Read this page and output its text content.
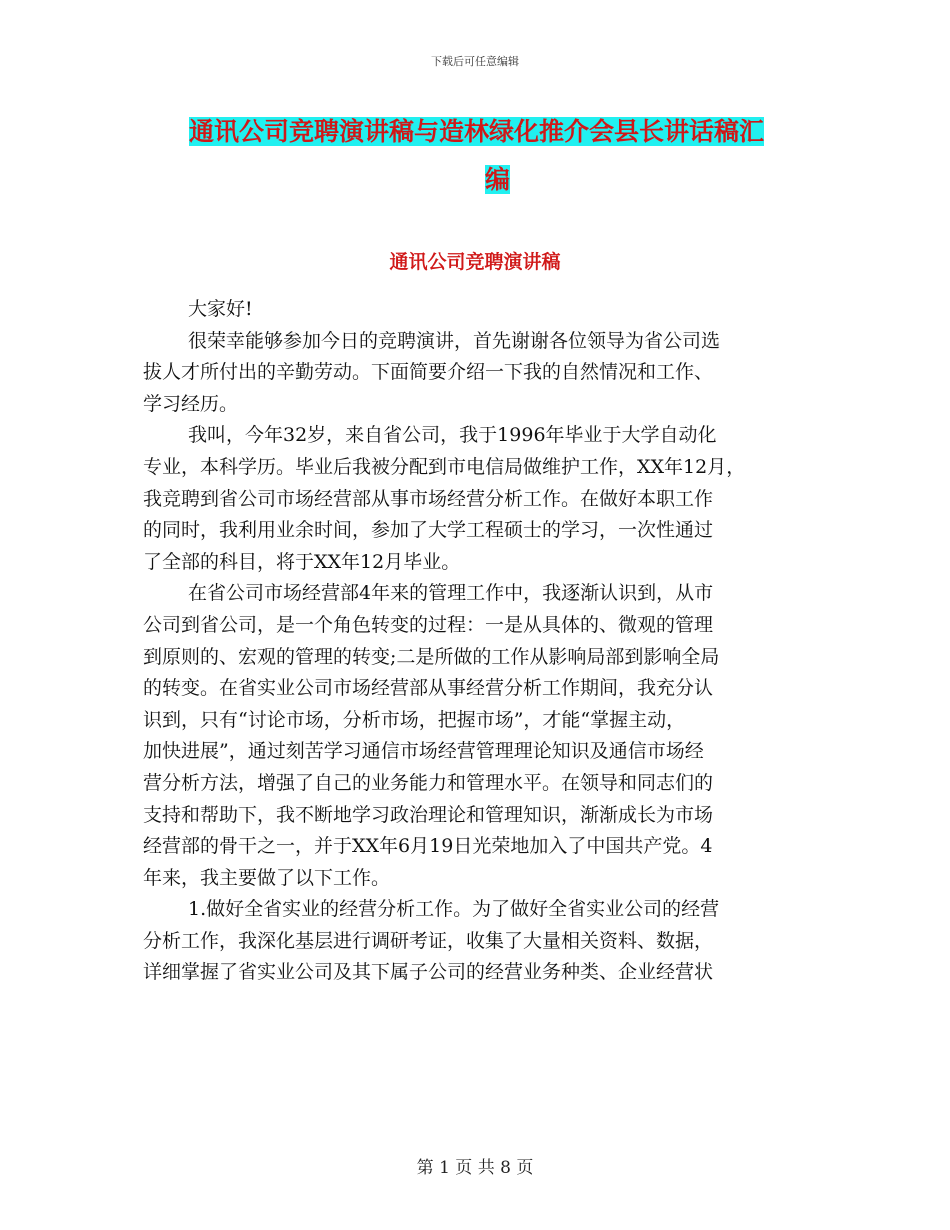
下载后可任意编辑
通讯公司竞聘演讲稿与造林绿化推介会县长讲话稿汇
编
通讯公司竞聘演讲稿
大家好!
很荣幸能够参加今日的竞聘演讲，首先谢谢各位领导为省公司选
拔人才所付出的辛勤劳动。下面简要介绍一下我的自然情况和工作、
学习经历。
我叫，今年32岁，来自省公司，我于1996年毕业于大学自动化
专业，本科学历。毕业后我被分配到市电信局做维护工作，XX年12月，
我竞聘到省公司市场经营部从事市场经营分析工作。在做好本职工作
的同时，我利用业余时间，参加了大学工程硕士的学习，一次性通过
了全部的科目，将于XX年12月毕业。
在省公司市场经营部4年来的管理工作中，我逐渐认识到，从市
公司到省公司，是一个角色转变的过程：一是从具体的、微观的管理
到原则的、宏观的管理的转变;二是所做的工作从影响局部到影响全局
的转变。在省实业公司市场经营部从事经营分析工作期间，我充分认
识到，只有“讨论市场，分析市场，把握市场”，才能“掌握主动，
加快进展”，通过刻苦学习通信市场经营管理理论知识及通信市场经
营分析方法，增强了自己的业务能力和管理水平。在领导和同志们的
支持和帮助下，我不断地学习政治理论和管理知识，渐渐成长为市场
经营部的骨干之一，并于XX年6月19日光荣地加入了中国共产党。4
年来，我主要做了以下工作。
1.做好全省实业的经营分析工作。为了做好全省实业公司的经营
分析工作，我深化基层进行调研考证，收集了大量相关资料、数据，
详细掌握了省实业公司及其下属子公司的经营业务种类、企业经营状
第 1 页 共 8 页
